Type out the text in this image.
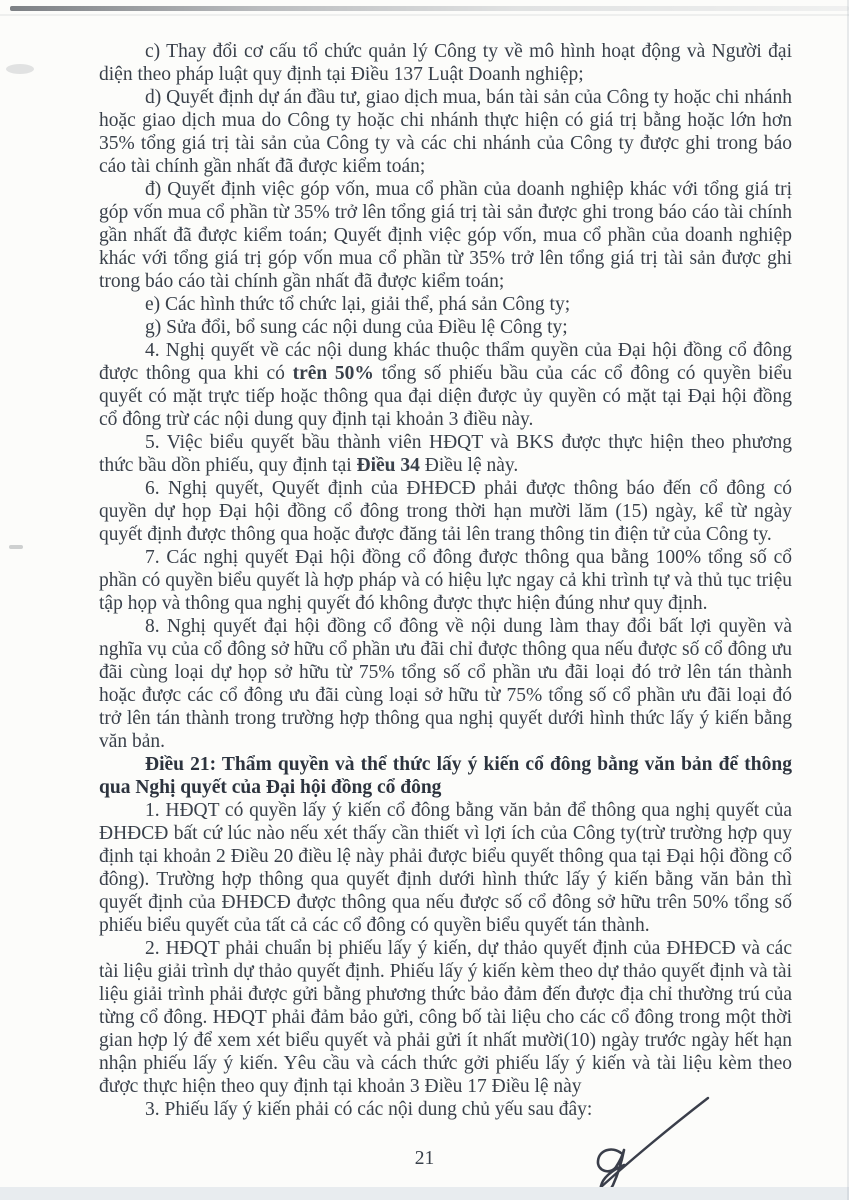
c) Thay đổi cơ cấu tổ chức quản lý Công ty về mô hình hoạt động và Người đại diện theo pháp luật quy định tại Điều 137 Luật Doanh nghiệp;

d) Quyết định dự án đầu tư, giao dịch mua, bán tài sản của Công ty hoặc chi nhánh hoặc giao dịch mua do Công ty hoặc chi nhánh thực hiện có giá trị bằng hoặc lớn hơn 35% tổng giá trị tài sản của Công ty và các chi nhánh của Công ty được ghi trong báo cáo tài chính gần nhất đã được kiểm toán;

đ) Quyết định việc góp vốn, mua cổ phần của doanh nghiệp khác với tổng giá trị góp vốn mua cổ phần từ 35% trở lên tổng giá trị tài sản được ghi trong báo cáo tài chính gần nhất đã được kiểm toán; Quyết định việc góp vốn, mua cổ phần của doanh nghiệp khác với tổng giá trị góp vốn mua cổ phần từ 35% trở lên tổng giá trị tài sản được ghi trong báo cáo tài chính gần nhất đã được kiểm toán;

e) Các hình thức tổ chức lại, giải thể, phá sản Công ty;

g) Sửa đổi, bổ sung các nội dung của Điều lệ Công ty;

4. Nghị quyết về các nội dung khác thuộc thẩm quyền của Đại hội đồng cổ đông được thông qua khi có trên 50% tổng số phiếu bầu của các cổ đông có quyền biểu quyết có mặt trực tiếp hoặc thông qua đại diện được ủy quyền có mặt tại Đại hội đồng cổ đông trừ các nội dung quy định tại khoản 3 điều này.

5. Việc biểu quyết bầu thành viên HĐQT và BKS được thực hiện theo phương thức bầu dồn phiếu, quy định tại Điều 34 Điều lệ này.

6. Nghị quyết, Quyết định của ĐHĐCĐ phải được thông báo đến cổ đông có quyền dự họp Đại hội đồng cổ đông trong thời hạn mười lăm (15) ngày, kể từ ngày quyết định được thông qua hoặc được đăng tải lên trang thông tin điện tử của Công ty.

7. Các nghị quyết Đại hội đồng cổ đông được thông qua bằng 100% tổng số cổ phần có quyền biểu quyết là hợp pháp và có hiệu lực ngay cả khi trình tự và thủ tục triệu tập họp và thông qua nghị quyết đó không được thực hiện đúng như quy định.

8. Nghị quyết đại hội đồng cổ đông về nội dung làm thay đổi bất lợi quyền và nghĩa vụ của cổ đông sở hữu cổ phần ưu đãi chỉ được thông qua nếu được số cổ đông ưu đãi cùng loại dự họp sở hữu từ 75% tổng số cổ phần ưu đãi loại đó trở lên tán thành hoặc được các cổ đông ưu đãi cùng loại sở hữu từ 75% tổng số cổ phần ưu đãi loại đó trở lên tán thành trong trường hợp thông qua nghị quyết dưới hình thức lấy ý kiến bằng văn bản.

Điều 21: Thẩm quyền và thể thức lấy ý kiến cổ đông bằng văn bản để thông qua Nghị quyết của Đại hội đồng cổ đông

1. HĐQT có quyền lấy ý kiến cổ đông bằng văn bản để thông qua nghị quyết của ĐHĐCĐ bất cứ lúc nào nếu xét thấy cần thiết vì lợi ích của Công ty(trừ trường hợp quy định tại khoản 2 Điều 20 điều lệ này phải được biểu quyết thông qua tại Đại hội đồng cổ đông). Trường hợp thông qua quyết định dưới hình thức lấy ý kiến bằng văn bản thì quyết định của ĐHĐCĐ được thông qua nếu được số cổ đông sở hữu trên 50% tổng số phiếu biểu quyết của tất cả các cổ đông có quyền biểu quyết tán thành.

2. HĐQT phải chuẩn bị phiếu lấy ý kiến, dự thảo quyết định của ĐHĐCĐ và các tài liệu giải trình dự thảo quyết định. Phiếu lấy ý kiến kèm theo dự thảo quyết định và tài liệu giải trình phải được gửi bằng phương thức bảo đảm đến được địa chỉ thường trú của từng cổ đông. HĐQT phải đảm bảo gửi, công bố tài liệu cho các cổ đông trong một thời gian hợp lý để xem xét biểu quyết và phải gửi ít nhất mười(10) ngày trước ngày hết hạn nhận phiếu lấy ý kiến. Yêu cầu và cách thức gởi phiếu lấy ý kiến và tài liệu kèm theo được thực hiện theo quy định tại khoản 3 Điều 17 Điều lệ này

3. Phiếu lấy ý kiến phải có các nội dung chủ yếu sau đây:

21
